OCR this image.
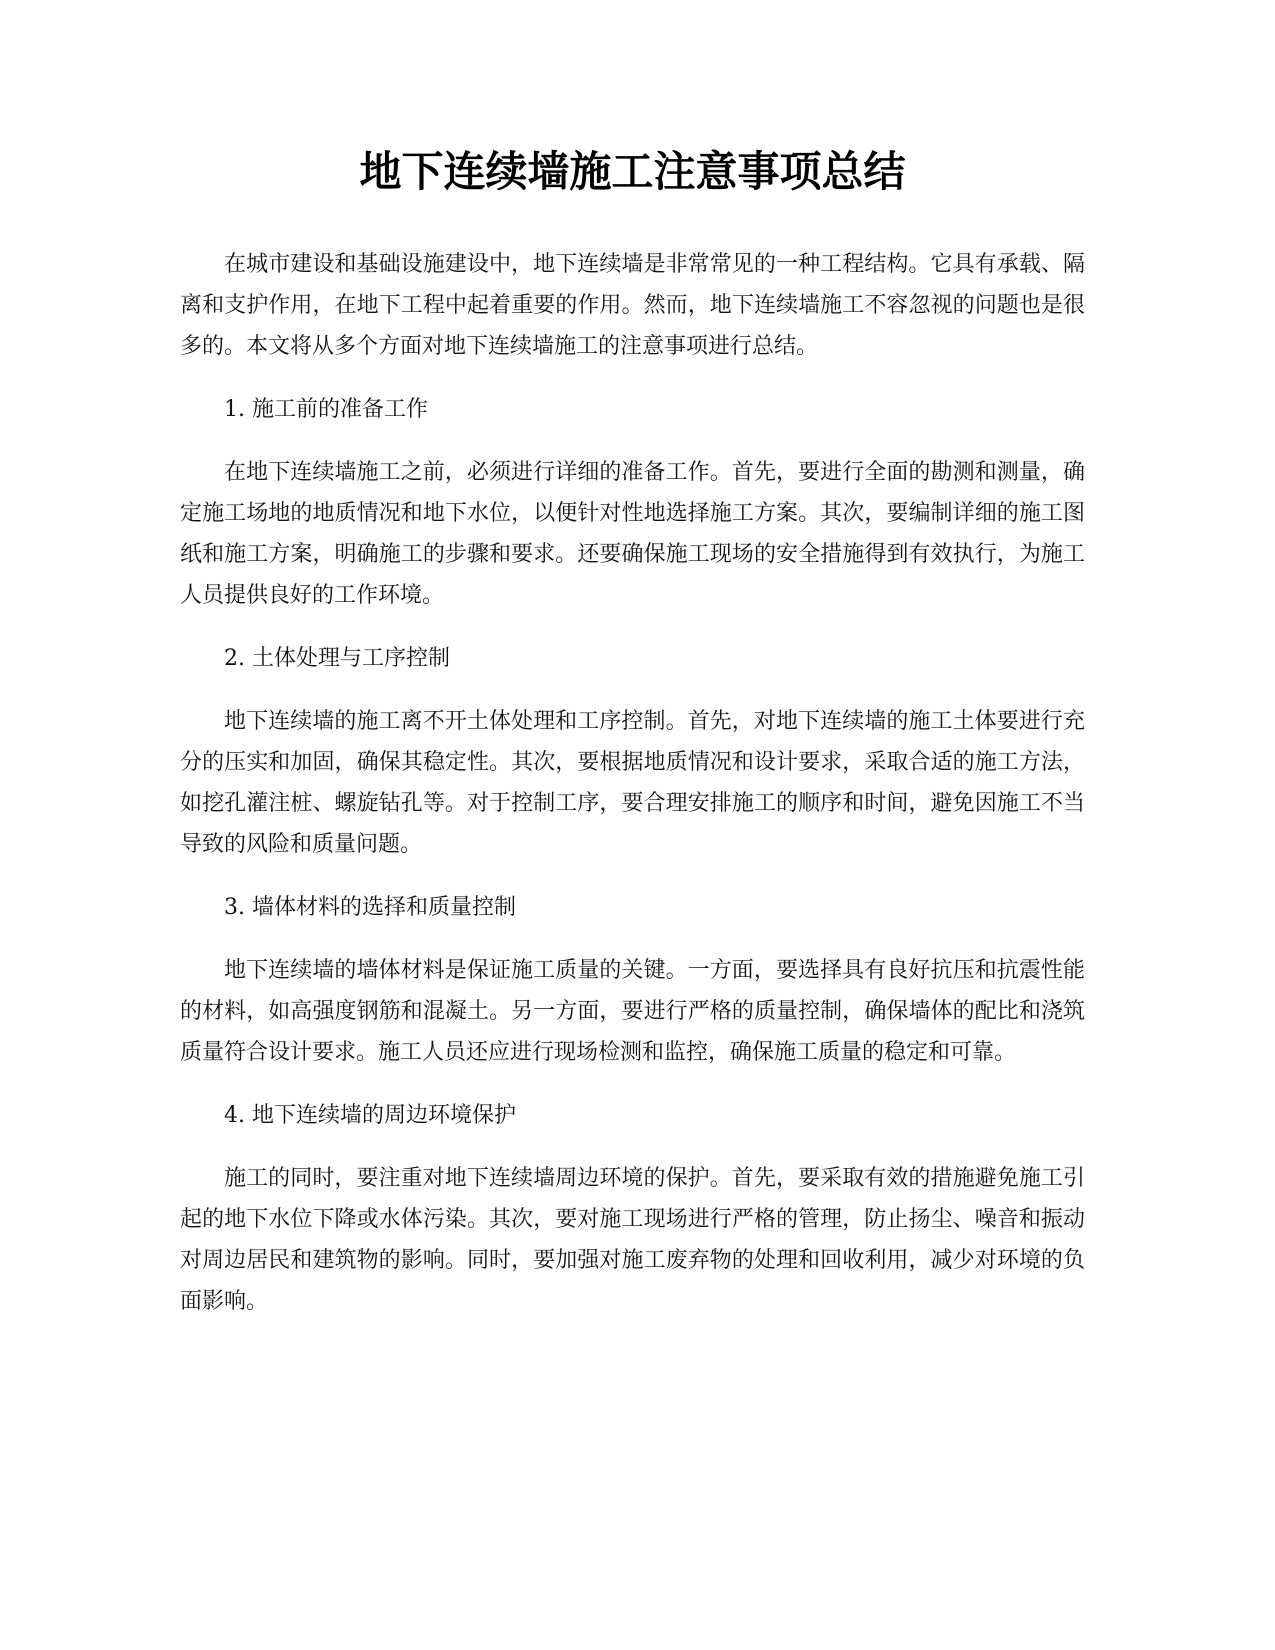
地下连续墙施工注意事项总结

在城市建设和基础设施建设中，地下连续墙是非常常见的一种工程结构。它具有承载、隔离和支护作用，在地下工程中起着重要的作用。然而，地下连续墙施工不容忽视的问题也是很多的。本文将从多个方面对地下连续墙施工的注意事项进行总结。

1. 施工前的准备工作

在地下连续墙施工之前，必须进行详细的准备工作。首先，要进行全面的勘测和测量，确定施工场地的地质情况和地下水位，以便针对性地选择施工方案。其次，要编制详细的施工图纸和施工方案，明确施工的步骤和要求。还要确保施工现场的安全措施得到有效执行，为施工人员提供良好的工作环境。

2. 土体处理与工序控制

地下连续墙的施工离不开土体处理和工序控制。首先，对地下连续墙的施工土体要进行充分的压实和加固，确保其稳定性。其次，要根据地质情况和设计要求，采取合适的施工方法，如挖孔灌注桩、螺旋钻孔等。对于控制工序，要合理安排施工的顺序和时间，避免因施工不当导致的风险和质量问题。

3. 墙体材料的选择和质量控制

地下连续墙的墙体材料是保证施工质量的关键。一方面，要选择具有良好抗压和抗震性能的材料，如高强度钢筋和混凝土。另一方面，要进行严格的质量控制，确保墙体的配比和浇筑质量符合设计要求。施工人员还应进行现场检测和监控，确保施工质量的稳定和可靠。

4. 地下连续墙的周边环境保护

施工的同时，要注重对地下连续墙周边环境的保护。首先，要采取有效的措施避免施工引起的地下水位下降或水体污染。其次，要对施工现场进行严格的管理，防止扬尘、噪音和振动对周边居民和建筑物的影响。同时，要加强对施工废弃物的处理和回收利用，减少对环境的负面影响。
